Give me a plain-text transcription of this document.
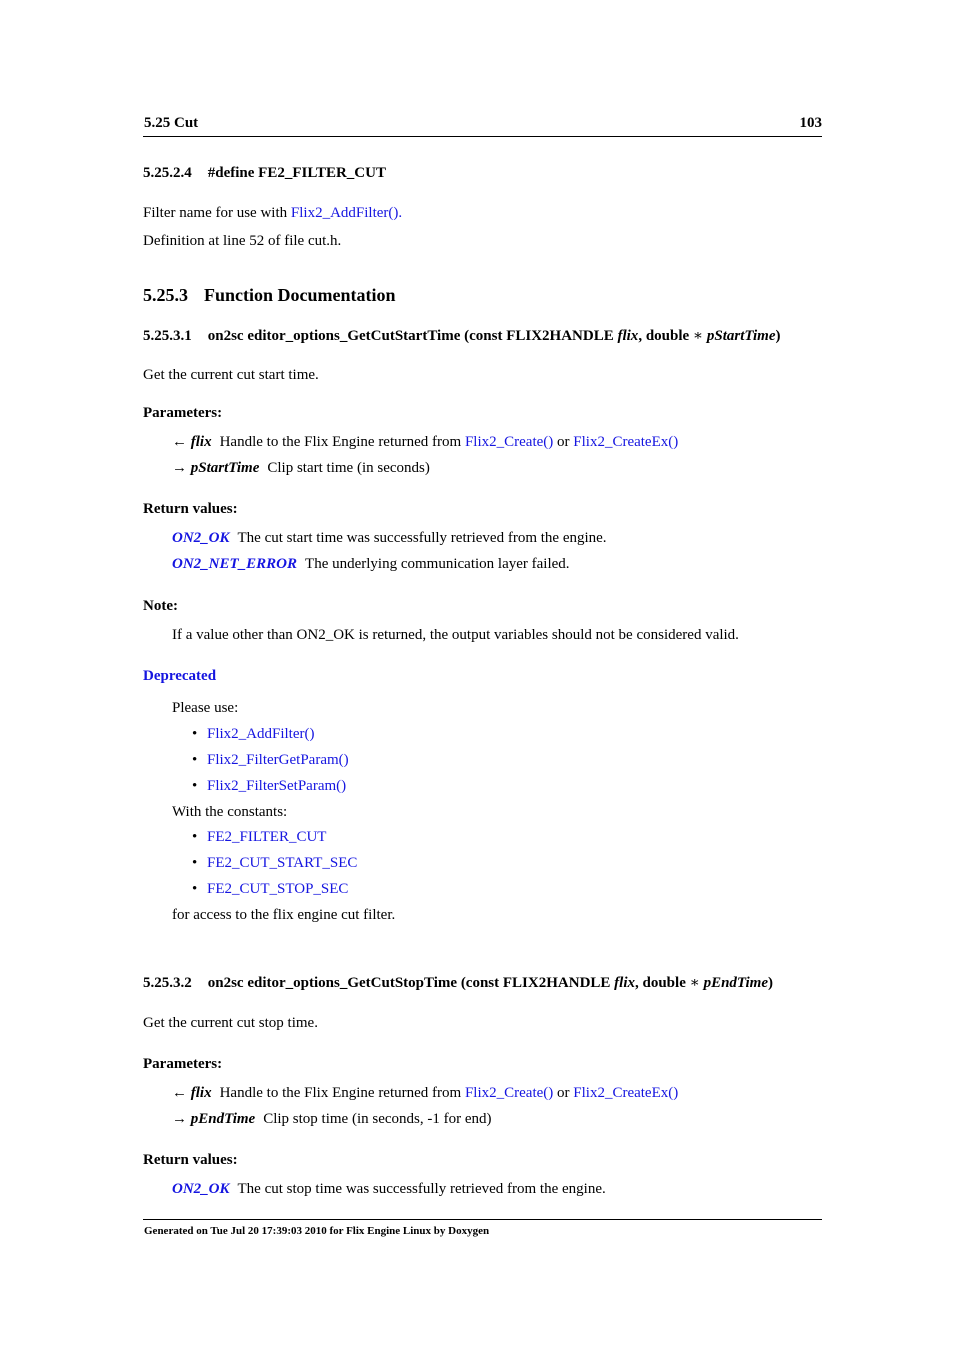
5.25 Cut	103
5.25.2.4 #define FE2_FILTER_CUT
Filter name for use with Flix2_AddFilter().
Definition at line 52 of file cut.h.
5.25.3 Function Documentation
5.25.3.1 on2sc editor_options_GetCutStartTime (const FLIX2HANDLE flix, double ∗ pStartTime)
Get the current cut start time.
Parameters:
← flix Handle to the Flix Engine returned from Flix2_Create() or Flix2_CreateEx()
→ pStartTime Clip start time (in seconds)
Return values:
ON2_OK The cut start time was successfully retrieved from the engine.
ON2_NET_ERROR The underlying communication layer failed.
Note:
If a value other than ON2_OK is returned, the output variables should not be considered valid.
Deprecated
Please use:
• Flix2_AddFilter()
• Flix2_FilterGetParam()
• Flix2_FilterSetParam()
With the constants:
• FE2_FILTER_CUT
• FE2_CUT_START_SEC
• FE2_CUT_STOP_SEC
for access to the flix engine cut filter.
5.25.3.2 on2sc editor_options_GetCutStopTime (const FLIX2HANDLE flix, double ∗ pEndTime)
Get the current cut stop time.
Parameters:
← flix Handle to the Flix Engine returned from Flix2_Create() or Flix2_CreateEx()
→ pEndTime Clip stop time (in seconds, -1 for end)
Return values:
ON2_OK The cut stop time was successfully retrieved from the engine.
Generated on Tue Jul 20 17:39:03 2010 for Flix Engine Linux by Doxygen
